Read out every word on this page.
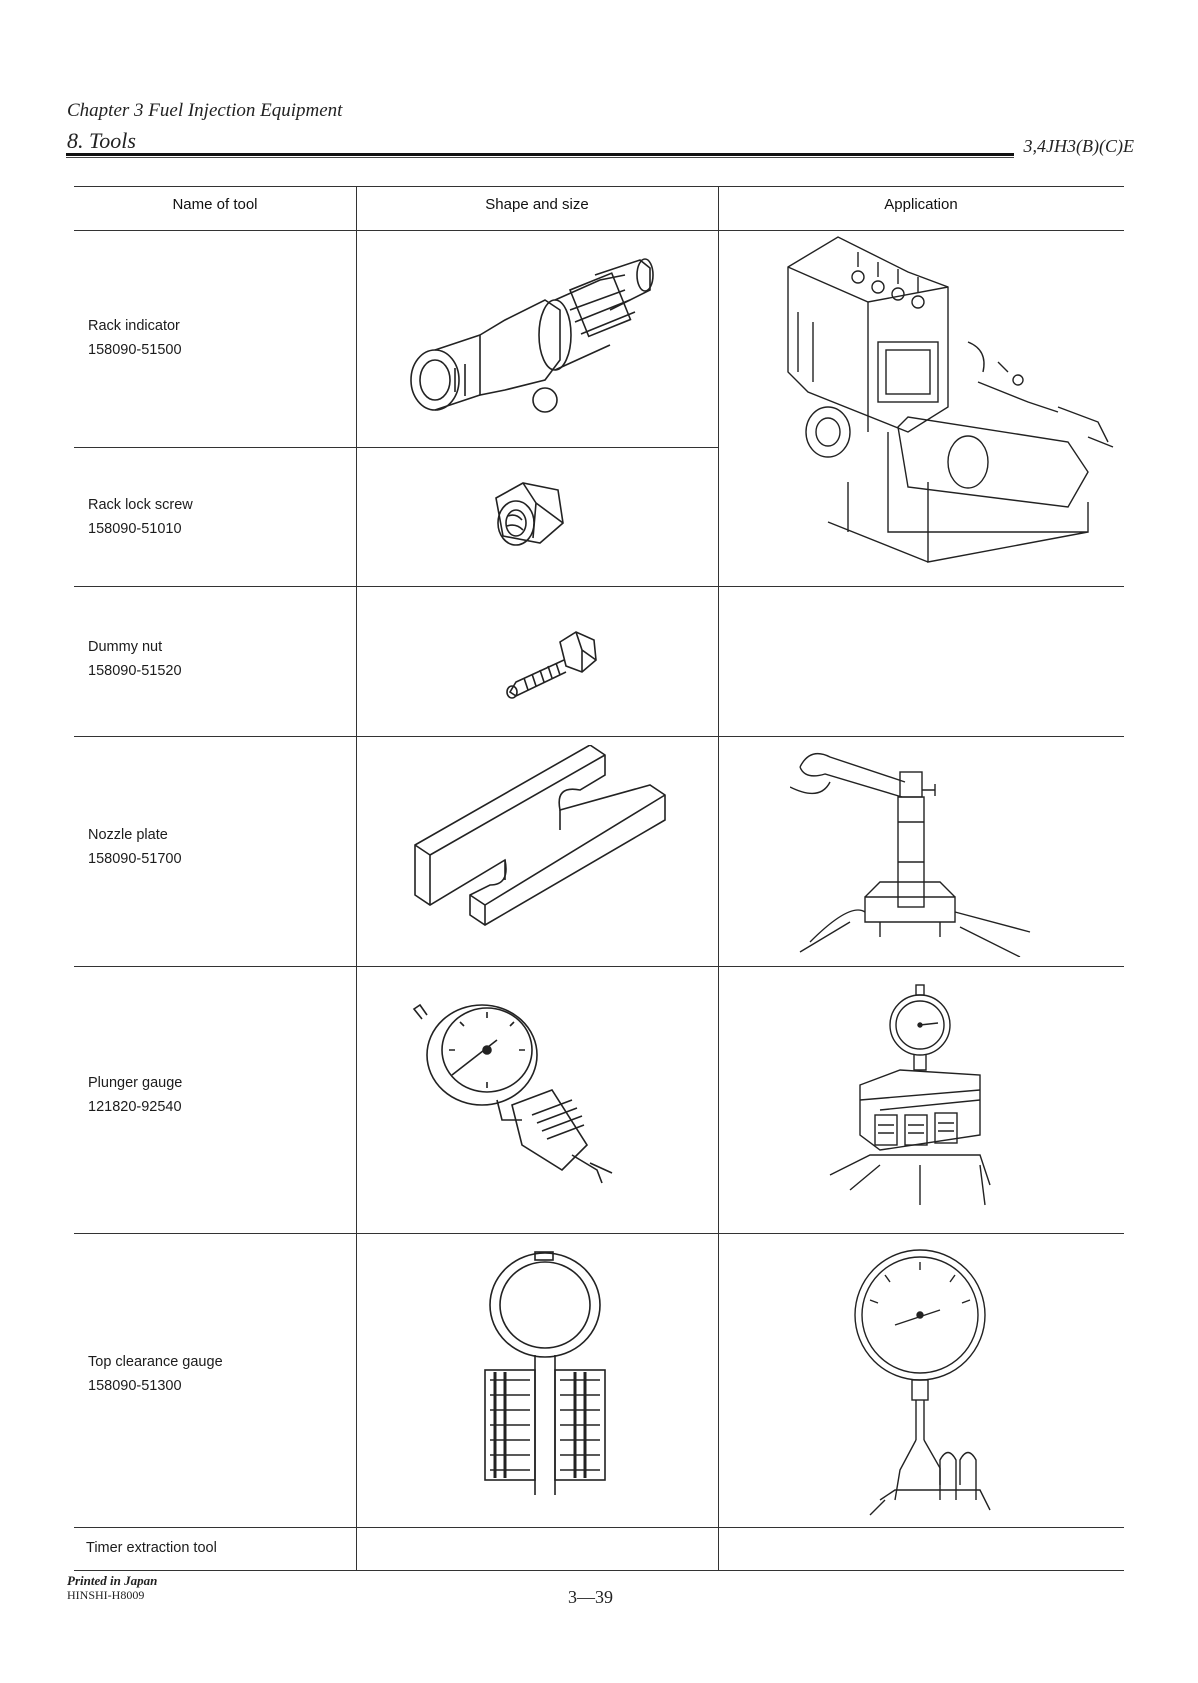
Chapter 3 Fuel Injection Equipment
8. Tools	3,4JH3(B)(C)E
Name of tool	Shape and size	Application
Rack indicator
158090-51500
Rack lock screw
158090-51010
Dummy nut
158090-51520
Nozzle plate
158090-51700
Plunger gauge
121820-92540
Top clearance gauge
158090-51300
Timer extraction tool
Printed in Japan
HINSHI-H8009	3—39
